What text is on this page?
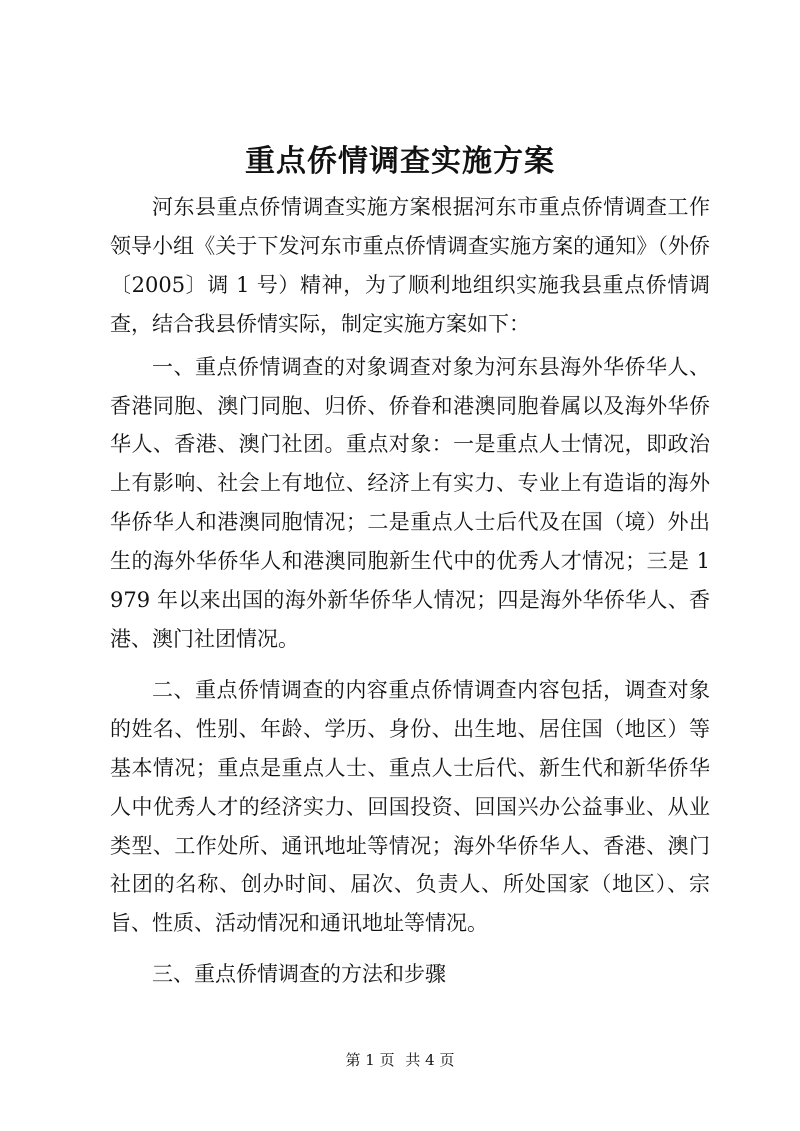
重点侨情调查实施方案

河东县重点侨情调查实施方案根据河东市重点侨情调查工作领导小组《关于下发河东市重点侨情调查实施方案的通知》（外侨〔2005〕调 1 号）精神，为了顺利地组织实施我县重点侨情调查，结合我县侨情实际，制定实施方案如下：

一、重点侨情调查的对象调查对象为河东县海外华侨华人、香港同胞、澳门同胞、归侨、侨眷和港澳同胞眷属以及海外华侨华人、香港、澳门社团。重点对象：一是重点人士情况，即政治上有影响、社会上有地位、经济上有实力、专业上有造诣的海外华侨华人和港澳同胞情况；二是重点人士后代及在国（境）外出生的海外华侨华人和港澳同胞新生代中的优秀人才情况；三是 1979 年以来出国的海外新华侨华人情况；四是海外华侨华人、香港、澳门社团情况。

二、重点侨情调查的内容重点侨情调查内容包括，调查对象的姓名、性别、年龄、学历、身份、出生地、居住国（地区）等基本情况；重点是重点人士、重点人士后代、新生代和新华侨华人中优秀人才的经济实力、回国投资、回国兴办公益事业、从业类型、工作处所、通讯地址等情况；海外华侨华人、香港、澳门社团的名称、创办时间、届次、负责人、所处国家（地区）、宗旨、性质、活动情况和通讯地址等情况。

三、重点侨情调查的方法和步骤

第 1 页 共 4 页
